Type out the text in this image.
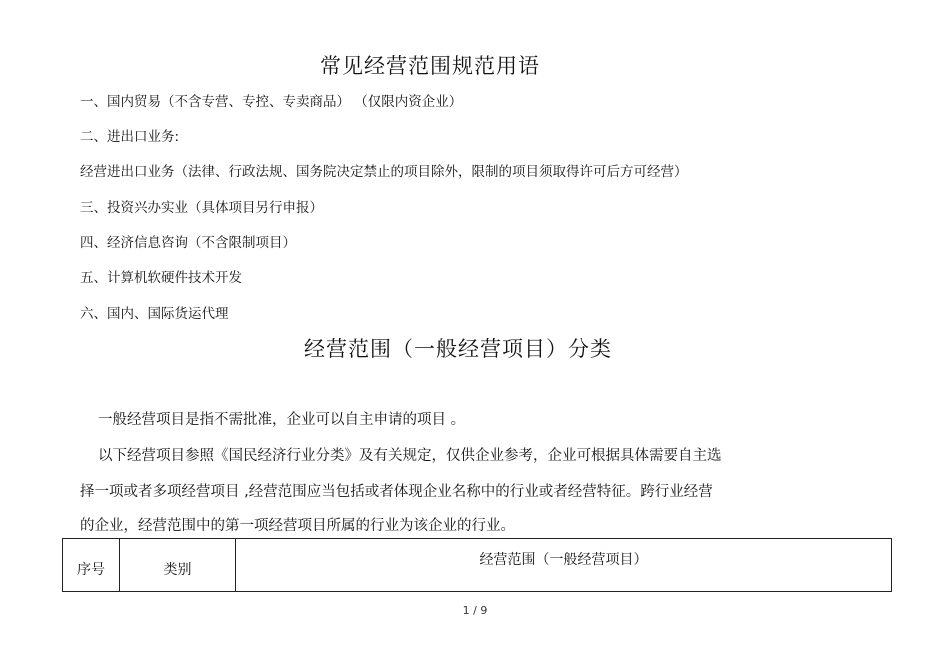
常见经营范围规范用语
一、国内贸易（不含专营、专控、专卖商品） （仅限内资企业）
二、进出口业务:
经营进出口业务（法律、行政法规、国务院决定禁止的项目除外，限制的项目须取得许可后方可经营）
三、投资兴办实业（具体项目另行申报）
四、经济信息咨询（不含限制项目）
五、计算机软硬件技术开发
六、国内、国际货运代理
经营范围（一般经营项目）分类
一般经营项目是指不需批准，企业可以自主申请的项目 。
以下经营项目参照《国民经济行业分类》及有关规定，仅供企业参考，企业可根据具体需要自主选
择一项或者多项经营项目 ,经营范围应当包括或者体现企业名称中的行业或者经营特征。跨行业经营
的企业，经营范围中的第一项经营项目所属的行业为该企业的行业。
序号	类别	经营范围（一般经营项目）
1 / 9
